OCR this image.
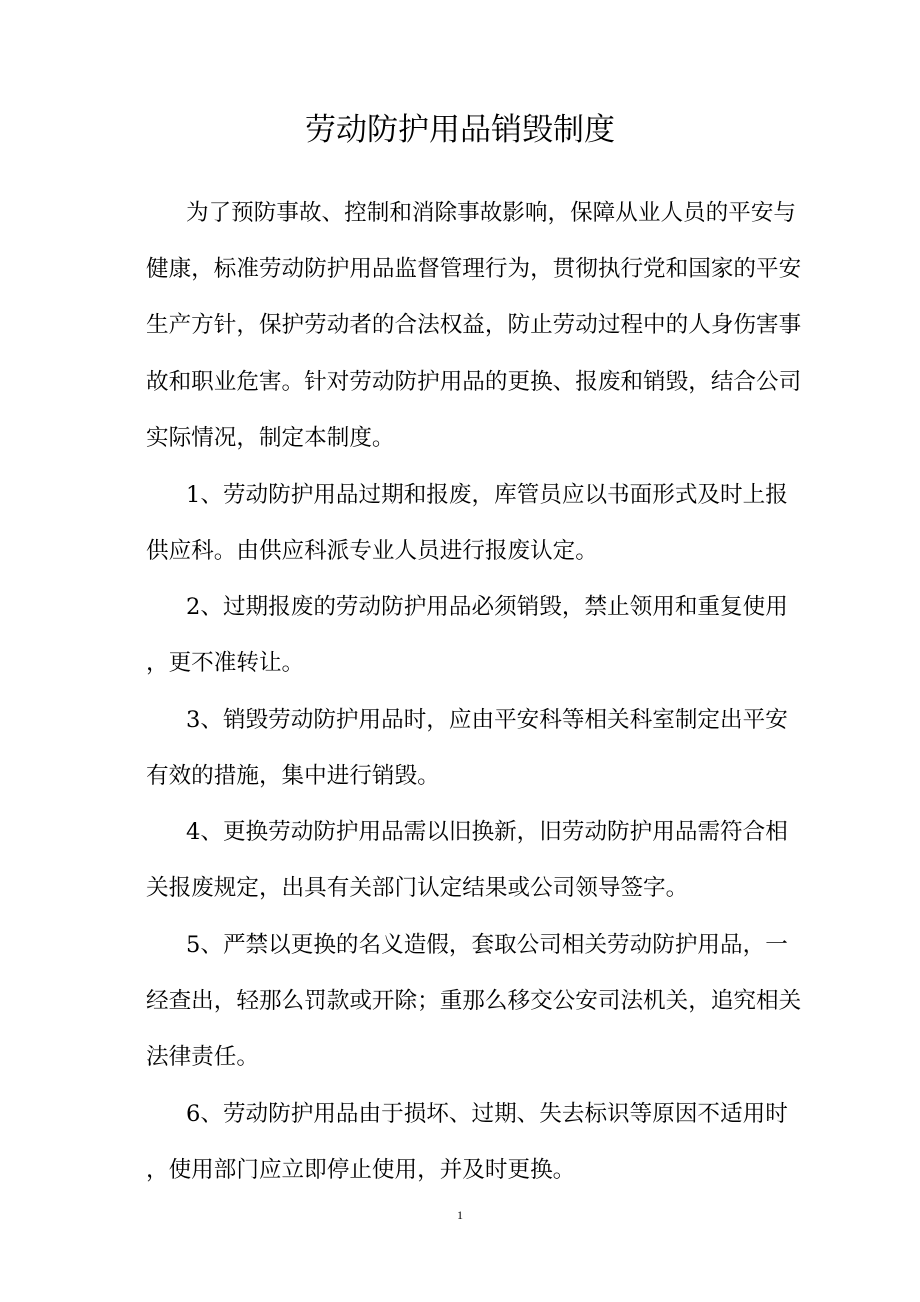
劳动防护用品销毁制度
为了预防事故、控制和消除事故影响，保障从业人员的平安与
健康，标准劳动防护用品监督管理行为，贯彻执行党和国家的平安
生产方针，保护劳动者的合法权益，防止劳动过程中的人身伤害事
故和职业危害。针对劳动防护用品的更换、报废和销毁，结合公司
实际情况，制定本制度。
1、劳动防护用品过期和报废，库管员应以书面形式及时上报
供应科。由供应科派专业人员进行报废认定。
2、过期报废的劳动防护用品必须销毁，禁止领用和重复使用
，更不准转让。
3、销毁劳动防护用品时，应由平安科等相关科室制定出平安
有效的措施，集中进行销毁。
4、更换劳动防护用品需以旧换新，旧劳动防护用品需符合相
关报废规定，出具有关部门认定结果或公司领导签字。
5、严禁以更换的名义造假，套取公司相关劳动防护用品，一
经查出，轻那么罚款或开除；重那么移交公安司法机关，追究相关
法律责任。
6、劳动防护用品由于损坏、过期、失去标识等原因不适用时
，使用部门应立即停止使用，并及时更换。
1
